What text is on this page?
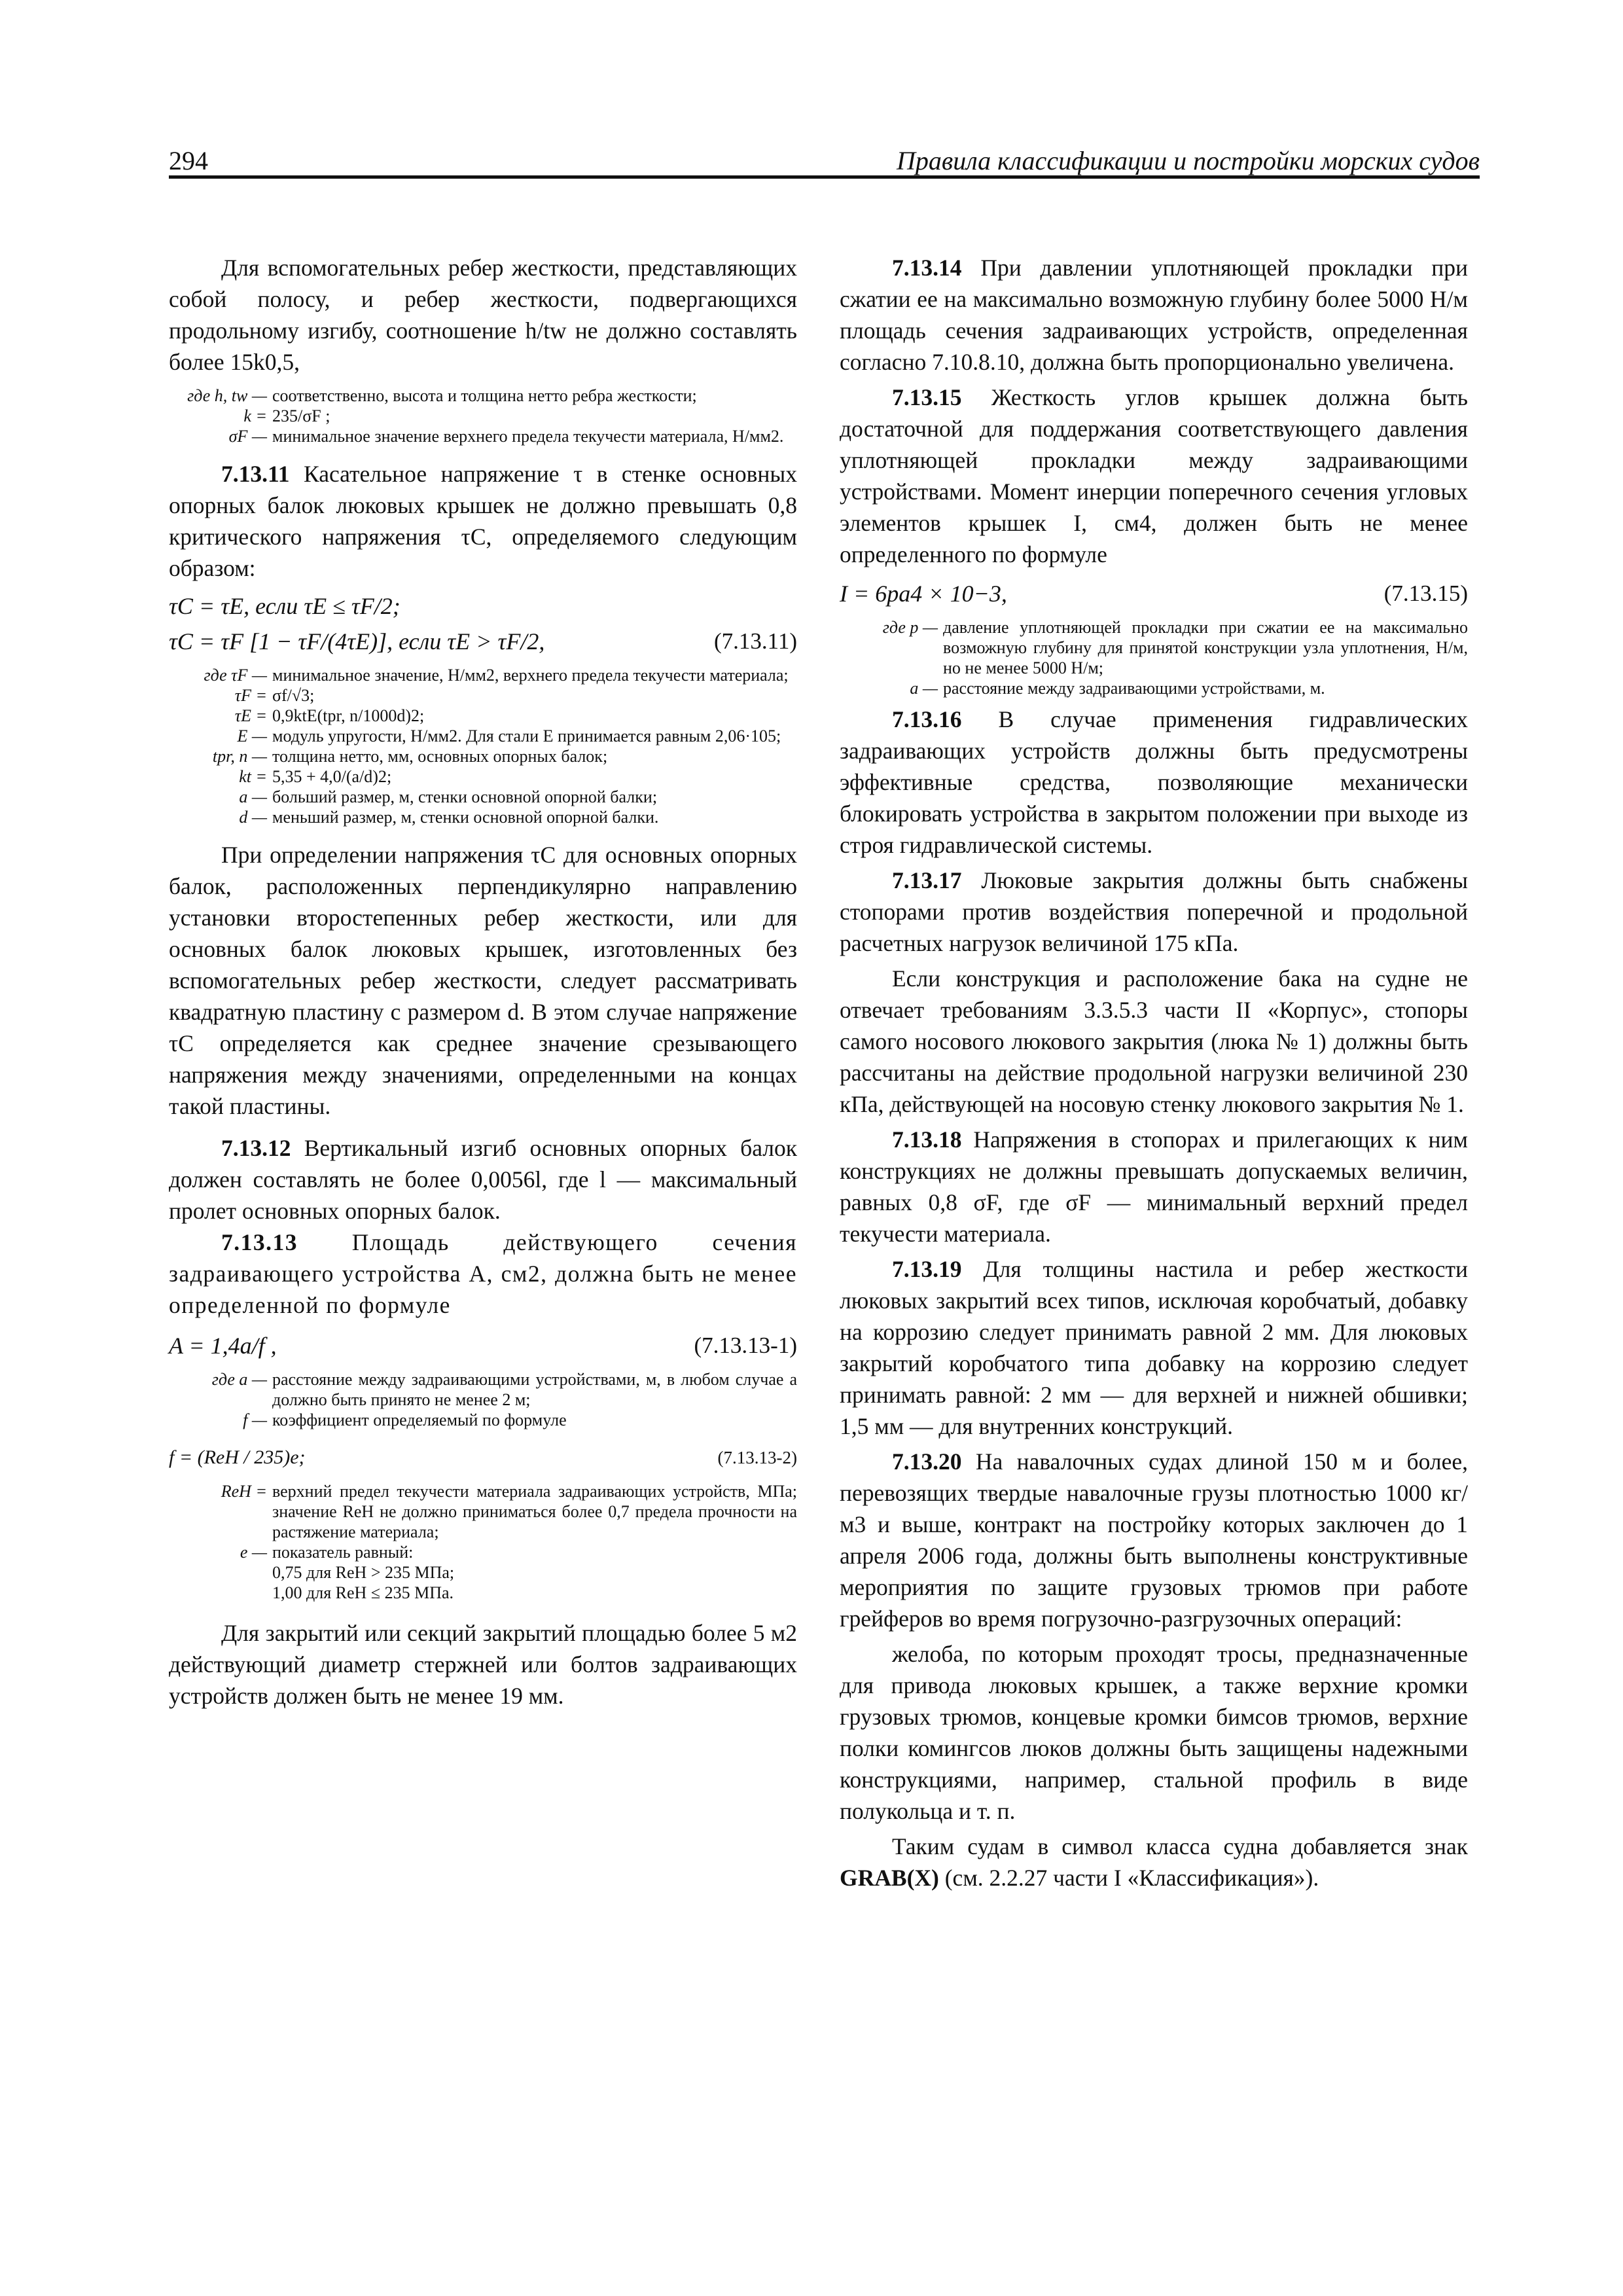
294	Правила классификации и постройки морских судов

Для вспомогательных ребер жесткости, представляющих собой полосу, и ребер жесткости, подвергающихся продольному изгибу, соотношение h/tw не должно составлять более 15k0,5,

где h, tw — соответственно, высота и толщина нетто ребра жесткости;
k = 235/σF ;
σF — минимальное значение верхнего предела текучести материала, Н/мм2.

7.13.11 Касательное напряжение τ в стенке основных опорных балок люковых крышек не должно превышать 0,8 критического напряжения τC, определяемого следующим образом:

τC = τE, если τE ≤ τF/2;
τC = τF [1 − τF/(4τE)], если τE > τF/2,	(7.13.11)
где τF — минимальное значение, Н/мм2, верхнего предела текучести материала;
τF = σf/√3;
τE = 0,9ktE(tpr, n/1000d)2;
E — модуль упругости, Н/мм2. Для стали E принимается равным 2,06·105;
tpr, n — толщина нетто, мм, основных опорных балок;
kt = 5,35 + 4,0/(a/d)2;
a — больший размер, м, стенки основной опорной балки;
d — меньший размер, м, стенки основной опорной балки.

При определении напряжения τC для основных опорных балок, расположенных перпендикулярно направлению установки второстепенных ребер жесткости, или для основных балок люковых крышек, изготовленных без вспомогательных ребер жесткости, следует рассматривать квадратную пластину с размером d. В этом случае напряжение τC определяется как среднее значение срезывающего напряжения между значениями, определенными на концах такой пластины.

7.13.12 Вертикальный изгиб основных опорных балок должен составлять не более 0,0056l, где l — максимальный пролет основных опорных балок.

7.13.13 Площадь действующего сечения задраивающего устройства A, см2, должна быть не менее определенной по формуле

A = 1,4a/f ,	(7.13.13-1)
где a — расстояние между задраивающими устройствами, м, в любом случае a должно быть принято не менее 2 м;
f — коэффициент определяемый по формуле
f = (ReH / 235)e;	(7.13.13-2)
ReH = верхний предел текучести материала задраивающих устройств, МПа; значение ReH не должно приниматься более 0,7 предела прочности на растяжение материала;
e — показатель равный:
0,75 для ReH > 235 МПа;
1,00 для ReH ≤ 235 МПа.

Для закрытий или секций закрытий площадью более 5 м2 действующий диаметр стержней или болтов задраивающих устройств должен быть не менее 19 мм.

7.13.14 При давлении уплотняющей прокладки при сжатии ее на максимально возможную глубину более 5000 Н/м площадь сечения задраивающих устройств, определенная согласно 7.10.8.10, должна быть пропорционально увеличена.

7.13.15 Жесткость углов крышек должна быть достаточной для поддержания соответствующего давления уплотняющей прокладки между задраивающими устройствами. Момент инерции поперечного сечения угловых элементов крышек I, см4, должен быть не менее определенного по формуле

I = 6pa4 × 10−3,	(7.13.15)
где p — давление уплотняющей прокладки при сжатии ее на максимально возможную глубину для принятой конструкции узла уплотнения, Н/м, но не менее 5000 Н/м;
a — расстояние между задраивающими устройствами, м.

7.13.16 В случае применения гидравлических задраивающих устройств должны быть предусмотрены эффективные средства, позволяющие механически блокировать устройства в закрытом положении при выходе из строя гидравлической системы.

7.13.17 Люковые закрытия должны быть снабжены стопорами против воздействия поперечной и продольной расчетных нагрузок величиной 175 кПа.

Если конструкция и расположение бака на судне не отвечает требованиям 3.3.5.3 части II «Корпус», стопоры самого носового люкового закрытия (люка № 1) должны быть рассчитаны на действие продольной нагрузки величиной 230 кПа, действующей на носовую стенку люкового закрытия № 1.

7.13.18 Напряжения в стопорах и прилегающих к ним конструкциях не должны превышать допускаемых величин, равных 0,8 σF, где σF — минимальный верхний предел текучести материала.

7.13.19 Для толщины настила и ребер жесткости люковых закрытий всех типов, исключая коробчатый, добавку на коррозию следует принимать равной 2 мм. Для люковых закрытий коробчатого типа добавку на коррозию следует принимать равной: 2 мм — для верхней и нижней обшивки; 1,5 мм — для внутренних конструкций.

7.13.20 На навалочных судах длиной 150 м и более, перевозящих твердые навалочные грузы плотностью 1000 кг/м3 и выше, контракт на постройку которых заключен до 1 апреля 2006 года, должны быть выполнены конструктивные мероприятия по защите грузовых трюмов при работе грейферов во время погрузочно-разгрузочных операций:

желоба, по которым проходят тросы, предназначенные для привода люковых крышек, а также верхние кромки грузовых трюмов, концевые кромки бимсов трюмов, верхние полки комингсов люков должны быть защищены надежными конструкциями, например, стальной профиль в виде полукольца и т. п.

Таким судам в символ класса судна добавляется знак GRAB(X) (см. 2.2.27 части I «Классификация»).
